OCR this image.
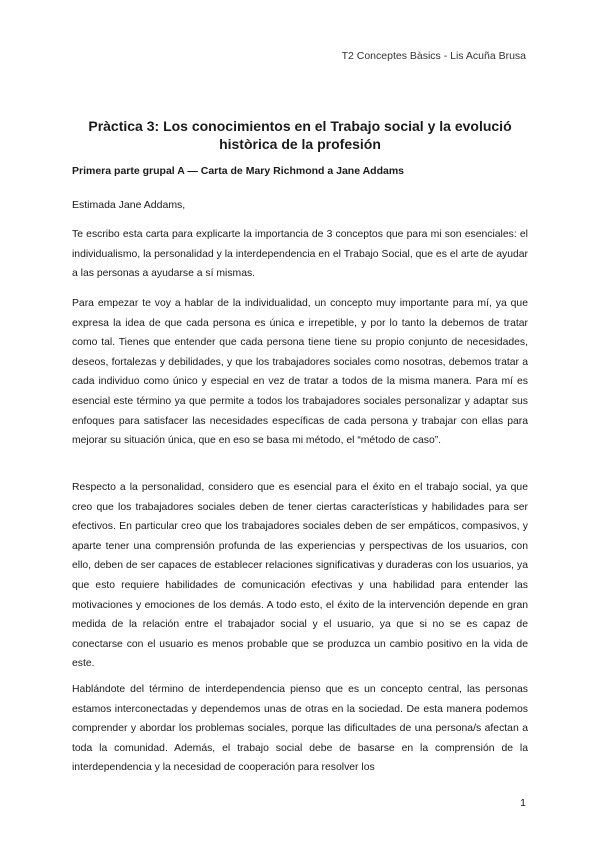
T2 Conceptes Bàsics - Lis Acuña Brusa
Pràctica 3: Los conocimientos en el Trabajo social y la evolució històrica de la profesión
Primera parte grupal A — Carta de Mary Richmond a Jane Addams
Estimada Jane Addams,
Te escribo esta carta para explicarte la importancia de 3 conceptos que para mi son esenciales: el individualismo, la personalidad y la interdependencia en el Trabajo Social, que es el arte de ayudar a las personas a ayudarse a sí mismas.
Para empezar te voy a hablar de la individualidad, un concepto muy importante para mí, ya que expresa la idea de que cada persona es única e irrepetible, y por lo tanto la debemos de tratar como tal. Tienes que entender que cada persona tiene tiene su propio conjunto de necesidades, deseos, fortalezas y debilidades, y que los trabajadores sociales como nosotras, debemos tratar a cada individuo como único y especial en vez de tratar a todos de la misma manera. Para mí es esencial este término ya que permite a todos los trabajadores sociales personalizar y adaptar sus enfoques para satisfacer las necesidades específicas de cada persona y trabajar con ellas para mejorar su situación única, que en eso se basa mi método, el “método de caso”.
Respecto a la personalidad, considero que es esencial para el éxito en el trabajo social, ya que creo que los trabajadores sociales deben de tener ciertas características y habilidades para ser efectivos. En particular creo que los trabajadores sociales deben de ser empáticos, compasivos, y aparte tener una comprensión profunda de las experiencias y perspectivas de los usuarios, con ello, deben de ser capaces de establecer relaciones significativas y duraderas con los usuarios, ya que esto requiere habilidades de comunicación efectivas y una habilidad para entender las motivaciones y emociones de los demás. A todo esto, el éxito de la intervención depende en gran medida de la relación entre el trabajador social y el usuario, ya que si no se es capaz de conectarse con el usuario es menos probable que se produzca un cambio positivo en la vida de este.
Hablándote del término de interdependencia pienso que es un concepto central, las personas estamos interconectadas y dependemos unas de otras en la sociedad. De esta manera podemos comprender y abordar los problemas sociales, porque las dificultades de una persona/s afectan a toda la comunidad. Además, el trabajo social debe de basarse en la comprensión de la interdependencia y la necesidad de cooperación para resolver los
1
